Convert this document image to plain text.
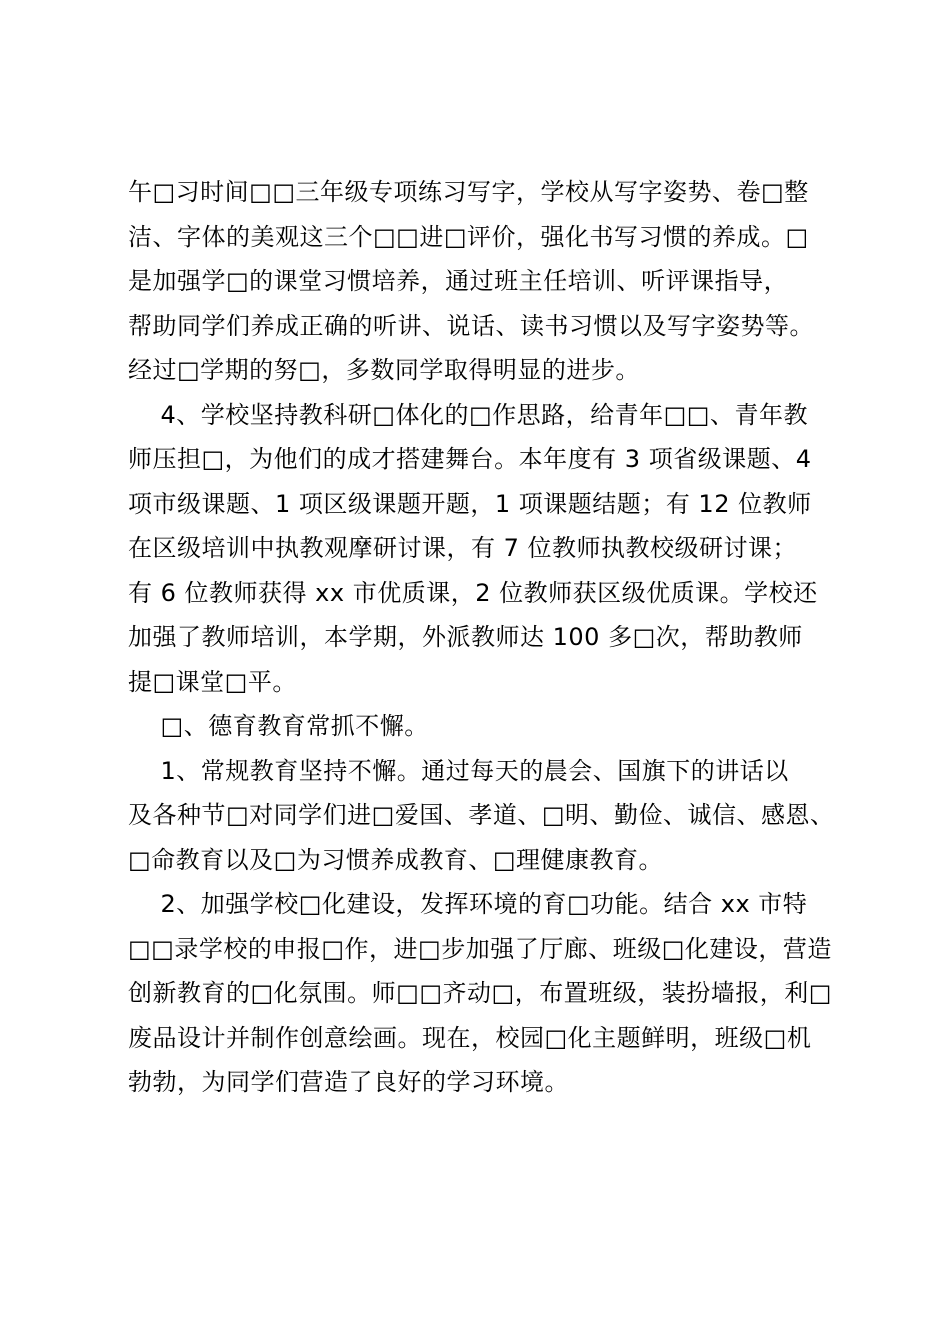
午□习时间□□三年级专项练习写字，学校从写字姿势、卷□整
洁、字体的美观这三个□□进□评价，强化书写习惯的养成。□
是加强学□的课堂习惯培养，通过班主任培训、听评课指导，
帮助同学们养成正确的听讲、说话、读书习惯以及写字姿势等。
经过□学期的努□，多数同学取得明显的进步。
4、学校坚持教科研□体化的□作思路，给青年□□、青年教
师压担□，为他们的成才搭建舞台。本年度有 3 项省级课题、4
项市级课题、1 项区级课题开题，1 项课题结题；有 12 位教师
在区级培训中执教观摩研讨课，有 7 位教师执教校级研讨课；
有 6 位教师获得 xx 市优质课，2 位教师获区级优质课。学校还
加强了教师培训，本学期，外派教师达 100 多□次，帮助教师
提□课堂□平。
□、德育教育常抓不懈。
1、常规教育坚持不懈。通过每天的晨会、国旗下的讲话以
及各种节□对同学们进□爱国、孝道、□明、勤俭、诚信、感恩、
□命教育以及□为习惯养成教育、□理健康教育。
2、加强学校□化建设，发挥环境的育□功能。结合 xx 市特
□□录学校的申报□作，进□步加强了厅廊、班级□化建设，营造
创新教育的□化氛围。师□□齐动□，布置班级，装扮墙报，利□
废品设计并制作创意绘画。现在，校园□化主题鲜明，班级□机
勃勃，为同学们营造了良好的学习环境。
